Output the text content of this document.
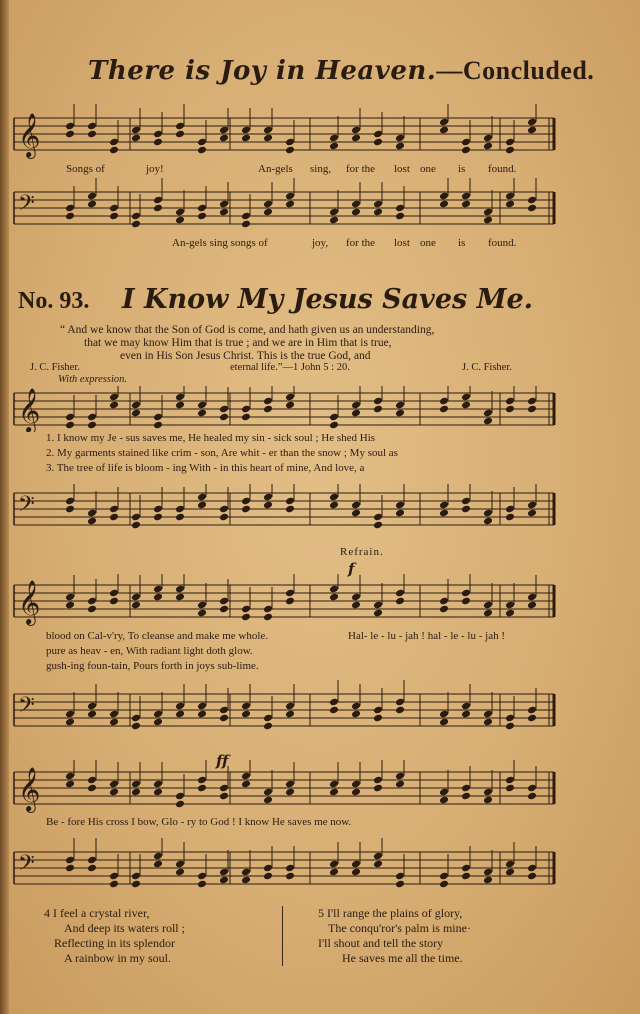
There is Joy in Heaven.—Concluded.
𝄞
Songs of	joy!	An-gels sing, for the lost one is found.
𝄢
An-gels sing songs of	joy, for the lost one is found.
No. 93. I Know My Jesus Saves Me.
“ And we know that the Son of God is come, and hath given us an understanding,
that we may know Him that is true ; and we are in Him that is true,
even in His Son Jesus Christ. This is the true God, and
J. C. Fisher.	eternal life.”—1 John 5 : 20.	J. C. Fisher.
With expression.
𝄞
1. I know my Je - sus saves me, He healed my sin - sick soul ; He shed His
2. My garments stained like crim - son, Are whit - er than the snow ; My soul as
3. The tree of life is bloom - ing With - in this heart of mine, And love, a
𝄢
Refrain.
f
𝄞
blood on Cal-v'ry, To cleanse and make me whole.
pure as heav - en, With radiant light doth glow.
gush-ing foun-tain, Pours forth in joys sub-lime.
Hal- le - lu - jah ! hal - le - lu - jah !
𝄢
ff
𝄞
Be - fore His cross I bow, Glo - ry to God ! I know He saves me now.
𝄢
4 I feel a crystal river,
And deep its waters roll ;
Reflecting in its splendor
A rainbow in my soul.
5 I'll range the plains of glory,
The conqu'ror's palm is mine·
I'll shout and tell the story
He saves me all the time.
